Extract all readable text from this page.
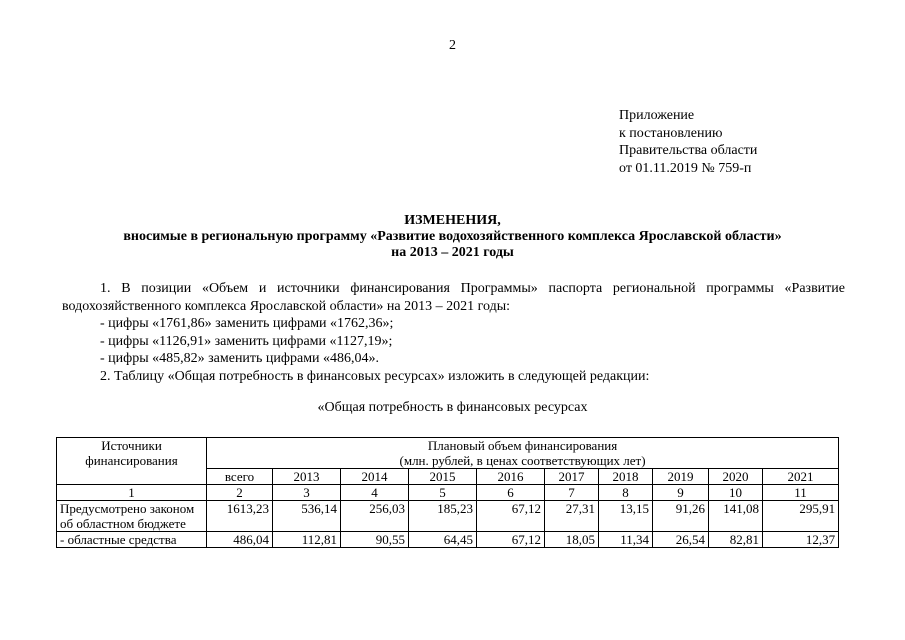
2
Приложение
к постановлению
Правительства области
от 01.11.2019 № 759-п
ИЗМЕНЕНИЯ,
вносимые в региональную программу «Развитие водохозяйственного комплекса Ярославской области»
на 2013 – 2021 годы
1. В позиции «Объем и источники финансирования Программы» паспорта региональной программы «Развитие водохозяйственного комплекса Ярославской области» на 2013 – 2021 годы:
- цифры «1761,86» заменить цифрами «1762,36»;
- цифры «1126,91» заменить цифрами «1127,19»;
- цифры «485,82» заменить цифрами «486,04».
2. Таблицу «Общая потребность в финансовых ресурсах» изложить в следующей редакции:
«Общая потребность в финансовых ресурсах
Источники финансирования	Плановый объем финансирования
(млн. рублей, в ценах соответствующих лет)									

	всего	2013	2014	2015	2016	2017	2018	2019	2020	2021
1	2	3	4	5	6	7	8	9	10	11
Предусмотрено законом об областном бюджете	1613,23	536,14	256,03	185,23	67,12	27,31	13,15	91,26	141,08	295,91
- областные средства	486,04	112,81	90,55	64,45	67,12	18,05	11,34	26,54	82,81	12,37
